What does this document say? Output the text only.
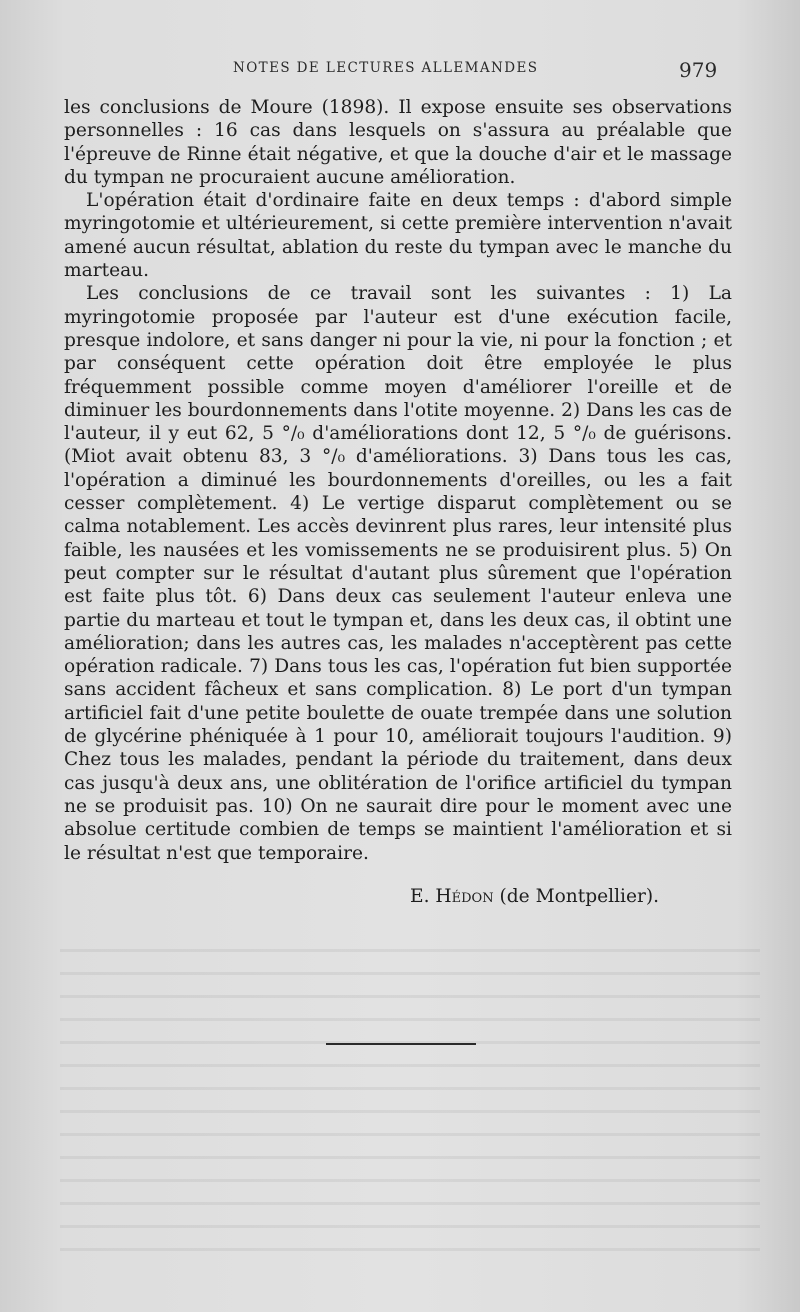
NOTES DE LECTURES ALLEMANDES	979

les conclusions de Moure (1898). Il expose ensuite ses observations personnelles : 16 cas dans lesquels on s'assura au préalable que l'épreuve de Rinne était négative, et que la douche d'air et le massage du tympan ne procuraient aucune amélioration.

L'opération était d'ordinaire faite en deux temps : d'abord simple myringotomie et ultérieurement, si cette première intervention n'avait amené aucun résultat, ablation du reste du tympan avec le manche du marteau.

Les conclusions de ce travail sont les suivantes : 1) La myringotomie proposée par l'auteur est d'une exécution facile, presque indolore, et sans danger ni pour la vie, ni pour la fonction ; et par conséquent cette opération doit être employée le plus fréquemment possible comme moyen d'améliorer l'oreille et de diminuer les bourdonnements dans l'otite moyenne. 2) Dans les cas de l'auteur, il y eut 62, 5 °/₀ d'améliorations dont 12, 5 °/₀ de guérisons. (Miot avait obtenu 83, 3 °/₀ d'améliorations. 3) Dans tous les cas, l'opération a diminué les bourdonnements d'oreilles, ou les a fait cesser complètement. 4) Le vertige disparut complètement ou se calma notablement. Les accès devinrent plus rares, leur intensité plus faible, les nausées et les vomissements ne se produisirent plus. 5) On peut compter sur le résultat d'autant plus sûrement que l'opération est faite plus tôt. 6) Dans deux cas seulement l'auteur enleva une partie du marteau et tout le tympan et, dans les deux cas, il obtint une amélioration; dans les autres cas, les malades n'acceptèrent pas cette opération radicale. 7) Dans tous les cas, l'opération fut bien supportée sans accident fâcheux et sans complication. 8) Le port d'un tympan artificiel fait d'une petite boulette de ouate trempée dans une solution de glycérine phéniquée à 1 pour 10, améliorait toujours l'audition. 9) Chez tous les malades, pendant la période du traitement, dans deux cas jusqu'à deux ans, une oblitération de l'orifice artificiel du tympan ne se produisit pas. 10) On ne saurait dire pour le moment avec une absolue certitude combien de temps se maintient l'amélioration et si le résultat n'est que temporaire.

E. Hédon (de Montpellier).
